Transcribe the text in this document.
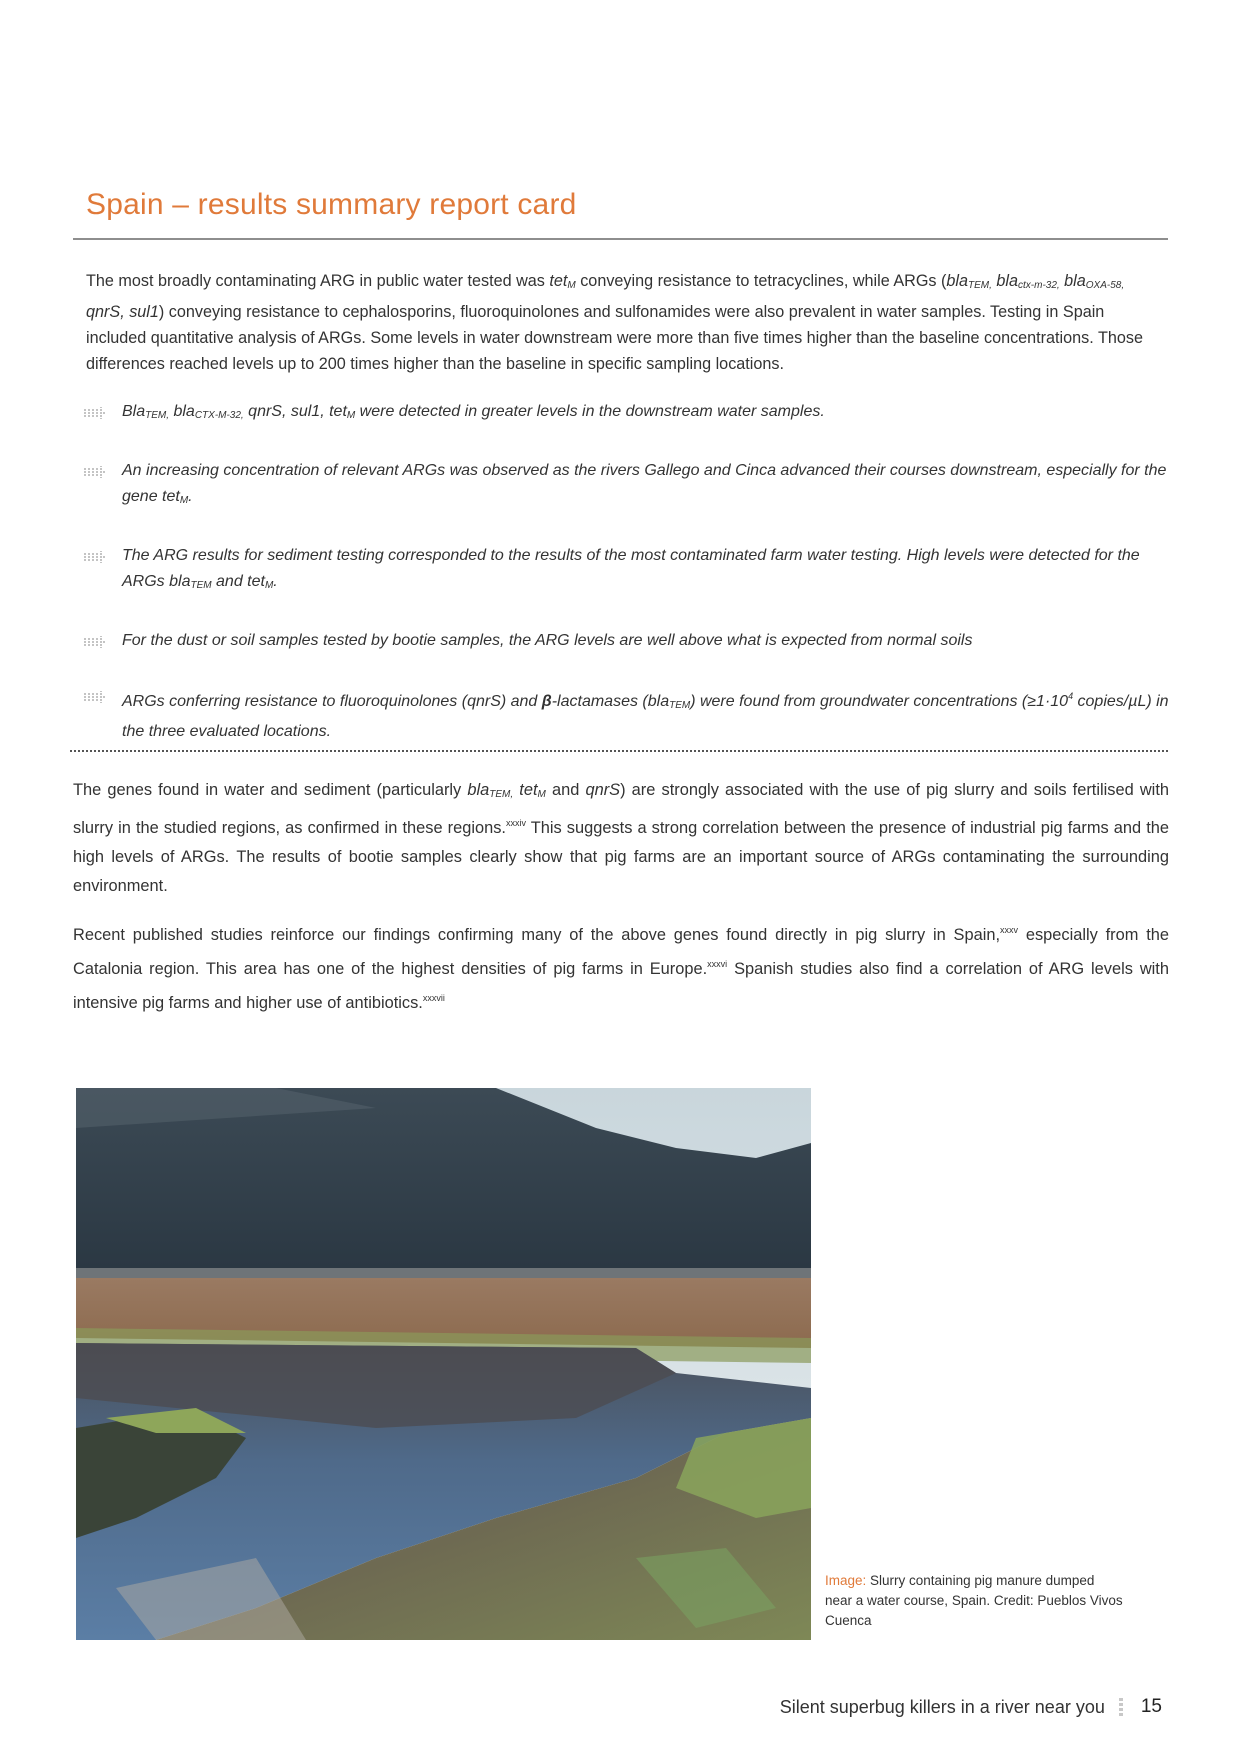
Spain – results summary report card

The most broadly contaminating ARG in public water tested was tet$_M$ conveying resistance to tetracyclines, while ARGs (bla$_{TEM,}$ bla$_{ctx-m-32,}$ bla$_{OXA-58,}$ qnrS, sul1) conveying resistance to cephalosporins, fluoroquinolones and sulfonamides were also prevalent in water samples. Testing in Spain included quantitative analysis of ARGs. Some levels in water downstream were more than five times higher than the baseline concentrations. Those differences reached levels up to 200 times higher than the baseline in specific sampling locations.

Bla$_{TEM,}$ bla$_{CTX-M-32,}$ qnrS, sul1, tet$_M$ were detected in greater levels in the downstream water samples.
An increasing concentration of relevant ARGs was observed as the rivers Gallego and Cinca advanced their courses downstream, especially for the gene tet$_M$.
The ARG results for sediment testing corresponded to the results of the most contaminated farm water testing. High levels were detected for the ARGs bla$_{TEM}$ and tet$_M$.
For the dust or soil samples tested by bootie samples, the ARG levels are well above what is expected from normal soils
ARGs conferring resistance to fluoroquinolones (qnrS) and β-lactamases (bla$_{TEM}$) were found from groundwater concentrations ($\ge 1\cdot 10^4$ copies/µL) in the three evaluated locations.

The genes found in water and sediment (particularly bla$_{TEM,}$ tet$_M$ and qnrS) are strongly associated with the use of pig slurry and soils fertilised with slurry in the studied regions, as confirmed in these regions.$^{xxxiv}$ This suggests a strong correlation between the presence of industrial pig farms and the high levels of ARGs. The results of bootie samples clearly show that pig farms are an important source of ARGs contaminating the surrounding environment.

Recent published studies reinforce our findings confirming many of the above genes found directly in pig slurry in Spain,$^{xxxv}$ especially from the Catalonia region. This area has one of the highest densities of pig farms in Europe.$^{xxxvi}$ Spanish studies also find a correlation of ARG levels with intensive pig farms and higher use of antibiotics.$^{xxxvii}$

Image: Slurry containing pig manure dumped near a water course, Spain. Credit: Pueblos Vivos Cuenca
Silent superbug killers in a river near you 15
